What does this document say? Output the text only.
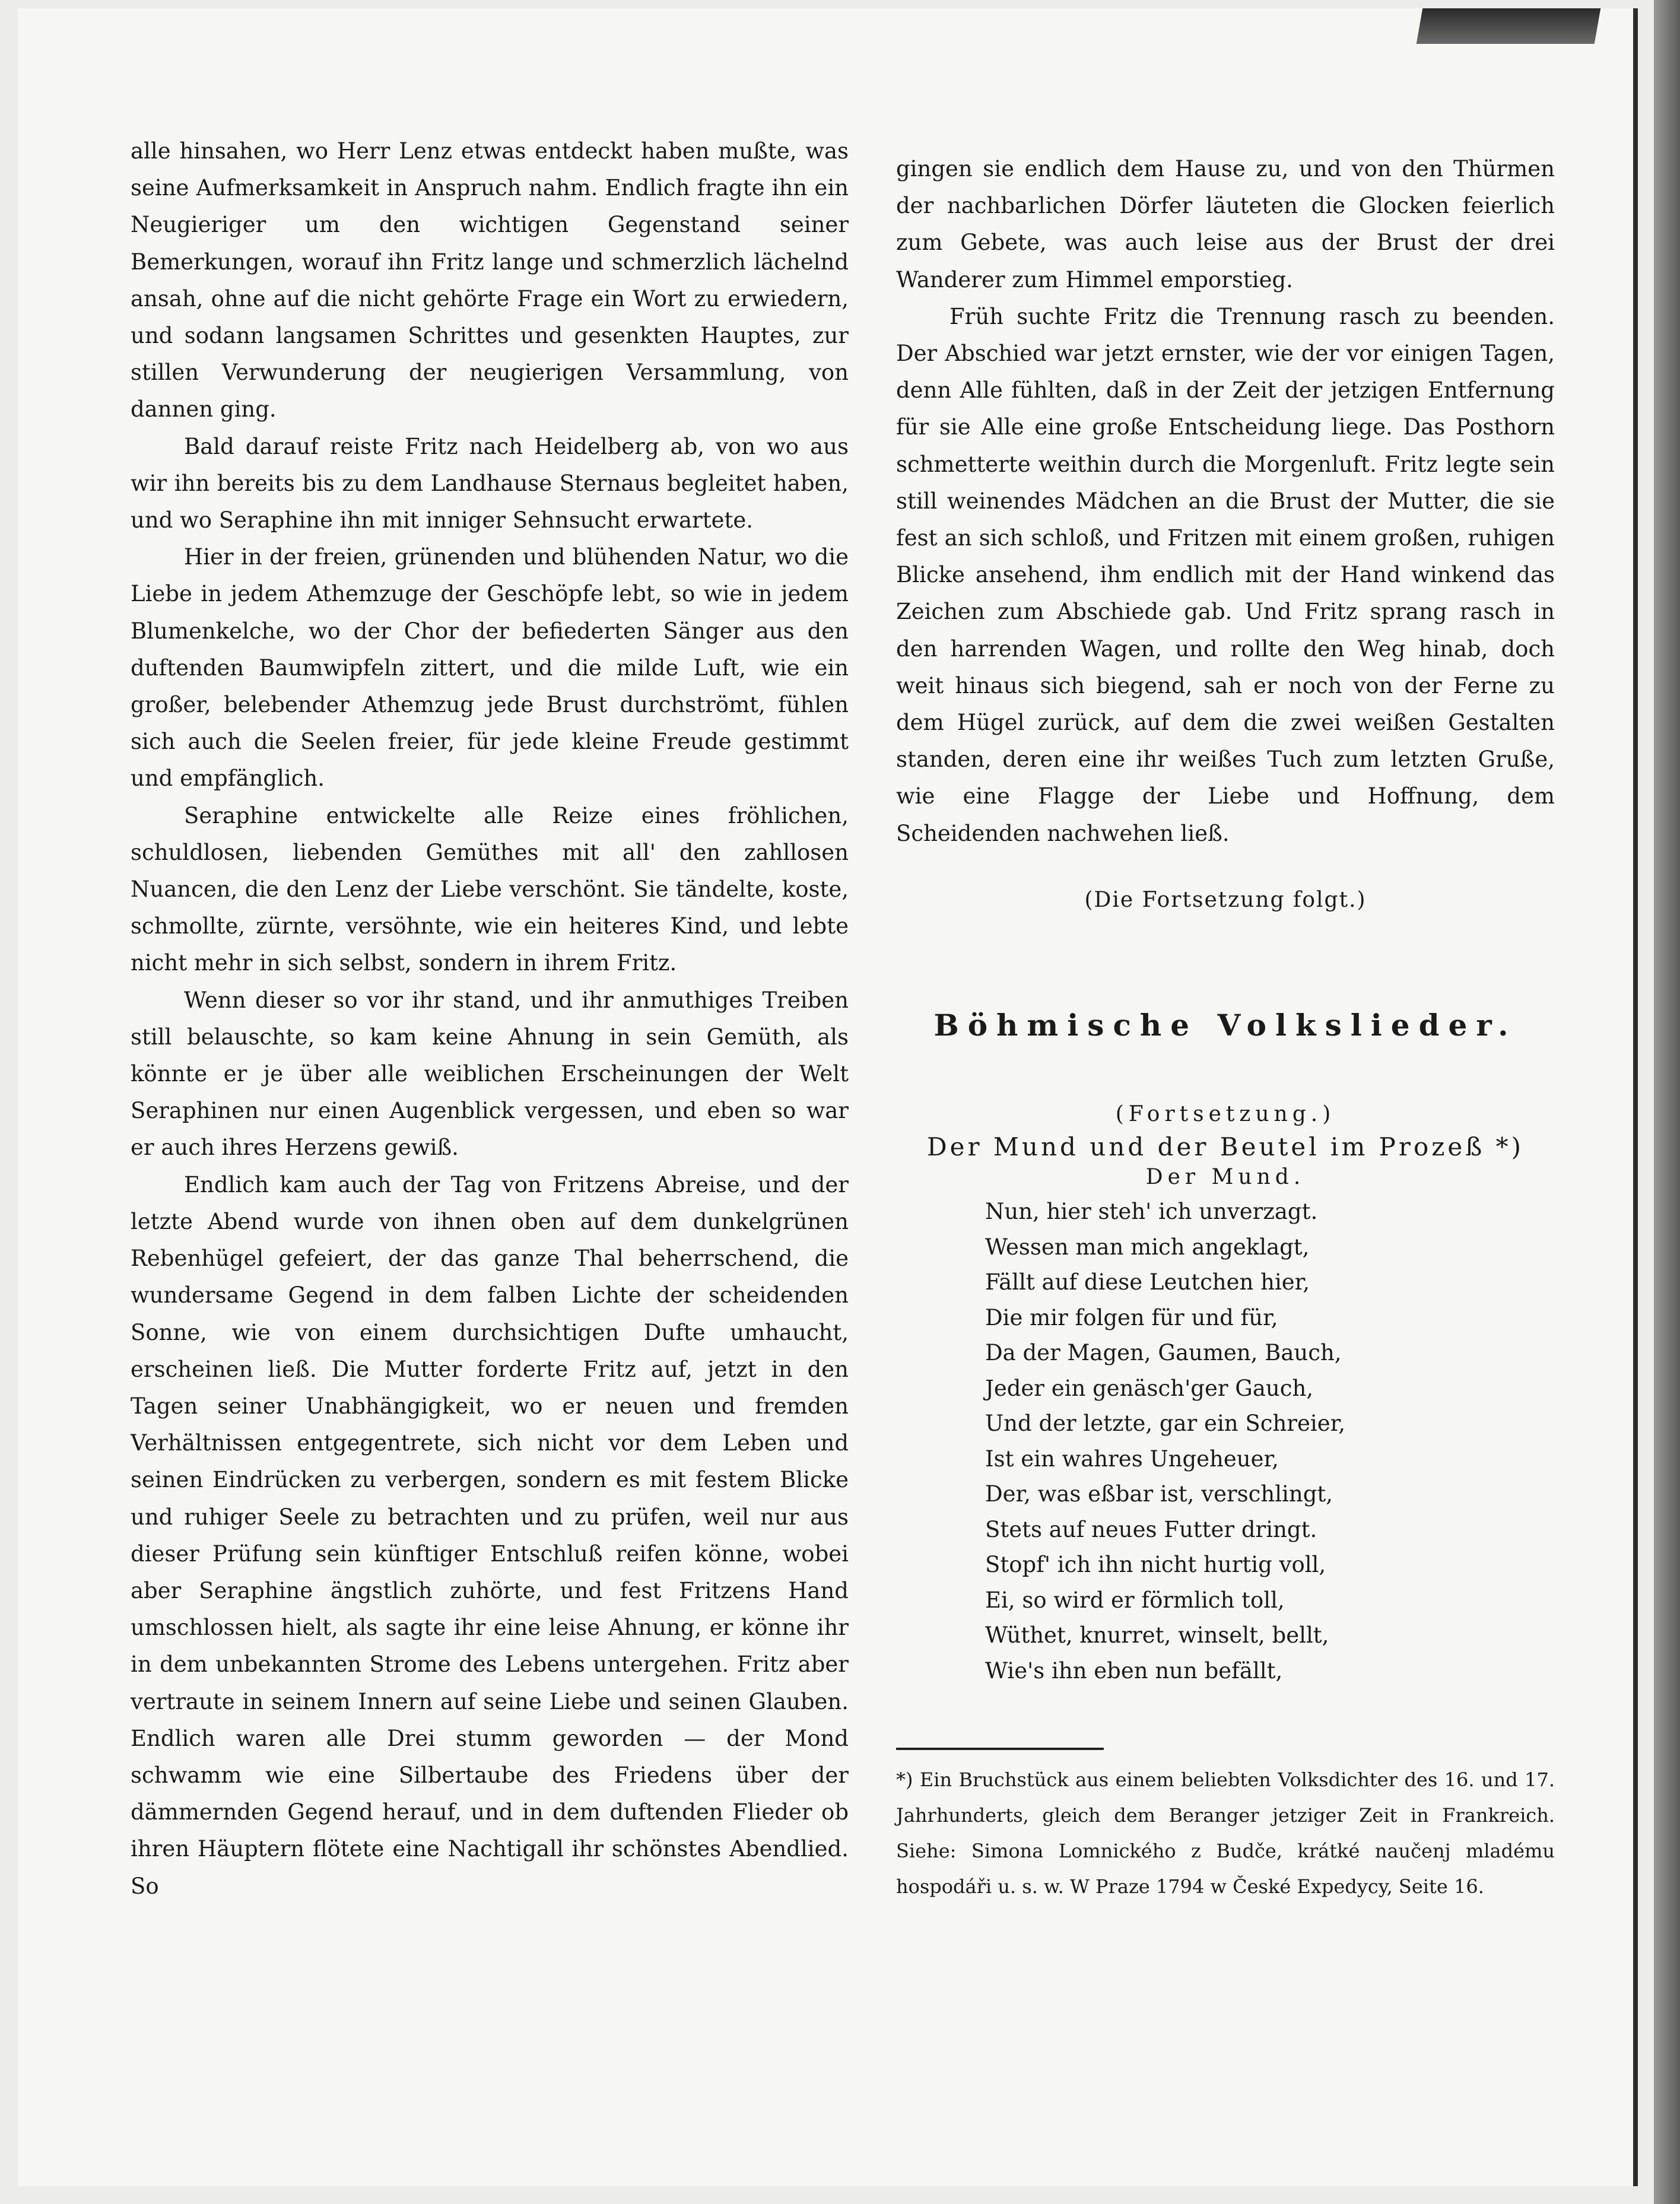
alle hinsahen, wo Herr Lenz etwas entdeckt haben mußte, was seine Aufmerksamkeit in Anspruch nahm. Endlich fragte ihn ein Neugieriger um den wichtigen Gegenstand seiner Bemerkungen, worauf ihn Fritz lange und schmerzlich lächelnd ansah, ohne auf die nicht gehörte Frage ein Wort zu erwiedern, und sodann langsamen Schrittes und gesenkten Hauptes, zur stillen Verwunderung der neugierigen Versammlung, von dannen ging.

Bald darauf reiste Fritz nach Heidelberg ab, von wo aus wir ihn bereits bis zu dem Landhause Sternaus begleitet haben, und wo Seraphine ihn mit inniger Sehnsucht erwartete.

Hier in der freien, grünenden und blühenden Natur, wo die Liebe in jedem Athemzuge der Geschöpfe lebt, so wie in jedem Blumenkelche, wo der Chor der befiederten Sänger aus den duftenden Baumwipfeln zittert, und die milde Luft, wie ein großer, belebender Athemzug jede Brust durchströmt, fühlen sich auch die Seelen freier, für jede kleine Freude gestimmt und empfänglich.

Seraphine entwickelte alle Reize eines fröhlichen, schuldlosen, liebenden Gemüthes mit all' den zahllosen Nuancen, die den Lenz der Liebe verschönt. Sie tändelte, koste, schmollte, zürnte, versöhnte, wie ein heiteres Kind, und lebte nicht mehr in sich selbst, sondern in ihrem Fritz.

Wenn dieser so vor ihr stand, und ihr anmuthiges Treiben still belauschte, so kam keine Ahnung in sein Gemüth, als könnte er je über alle weiblichen Erscheinungen der Welt Seraphinen nur einen Augenblick vergessen, und eben so war er auch ihres Herzens gewiß.

Endlich kam auch der Tag von Fritzens Abreise, und der letzte Abend wurde von ihnen oben auf dem dunkelgrünen Rebenhügel gefeiert, der das ganze Thal beherrschend, die wundersame Gegend in dem falben Lichte der scheidenden Sonne, wie von einem durchsichtigen Dufte umhaucht, erscheinen ließ. Die Mutter forderte Fritz auf, jetzt in den Tagen seiner Unabhängigkeit, wo er neuen und fremden Verhältnissen entgegentrete, sich nicht vor dem Leben und seinen Eindrücken zu verbergen, sondern es mit festem Blicke und ruhiger Seele zu betrachten und zu prüfen, weil nur aus dieser Prüfung sein künftiger Entschluß reifen könne, wobei aber Seraphine ängstlich zuhörte, und fest Fritzens Hand umschlossen hielt, als sagte ihr eine leise Ahnung, er könne ihr in dem unbekannten Strome des Lebens untergehen. Fritz aber vertraute in seinem Innern auf seine Liebe und seinen Glauben. Endlich waren alle Drei stumm geworden — der Mond schwamm wie eine Silbertaube des Friedens über der dämmernden Gegend herauf, und in dem duftenden Flieder ob ihren Häuptern flötete eine Nachtigall ihr schönstes Abendlied. So

gingen sie endlich dem Hause zu, und von den Thürmen der nachbarlichen Dörfer läuteten die Glocken feierlich zum Gebete, was auch leise aus der Brust der drei Wanderer zum Himmel emporstieg.

Früh suchte Fritz die Trennung rasch zu beenden. Der Abschied war jetzt ernster, wie der vor einigen Tagen, denn Alle fühlten, daß in der Zeit der jetzigen Entfernung für sie Alle eine große Entscheidung liege. Das Posthorn schmetterte weithin durch die Morgenluft. Fritz legte sein still weinendes Mädchen an die Brust der Mutter, die sie fest an sich schloß, und Fritzen mit einem großen, ruhigen Blicke ansehend, ihm endlich mit der Hand winkend das Zeichen zum Abschiede gab. Und Fritz sprang rasch in den harrenden Wagen, und rollte den Weg hinab, doch weit hinaus sich biegend, sah er noch von der Ferne zu dem Hügel zurück, auf dem die zwei weißen Gestalten standen, deren eine ihr weißes Tuch zum letzten Gruße, wie eine Flagge der Liebe und Hoffnung, dem Scheidenden nachwehen ließ.

(Die Fortsetzung folgt.)

Böhmische Volkslieder.
(Fortsetzung.)
Der Mund und der Beutel im Prozeß *)
Der Mund.
Nun, hier steh' ich unverzagt.
Wessen man mich angeklagt,
Fällt auf diese Leutchen hier,
Die mir folgen für und für,
Da der Magen, Gaumen, Bauch,
Jeder ein genäsch'ger Gauch,
Und der letzte, gar ein Schreier,
Ist ein wahres Ungeheuer,
Der, was eßbar ist, verschlingt,
Stets auf neues Futter dringt.
Stopf' ich ihn nicht hurtig voll,
Ei, so wird er förmlich toll,
Wüthet, knurret, winselt, bellt,
Wie's ihn eben nun befällt,

*) Ein Bruchstück aus einem beliebten Volksdichter des 16. und 17. Jahrhunderts, gleich dem Beranger jetziger Zeit in Frankreich. Siehe: Simona Lomnického z Budče, krátké naučenj mladému hospodáři u. s. w. W Praze 1794 w České Expedycy, Seite 16.
